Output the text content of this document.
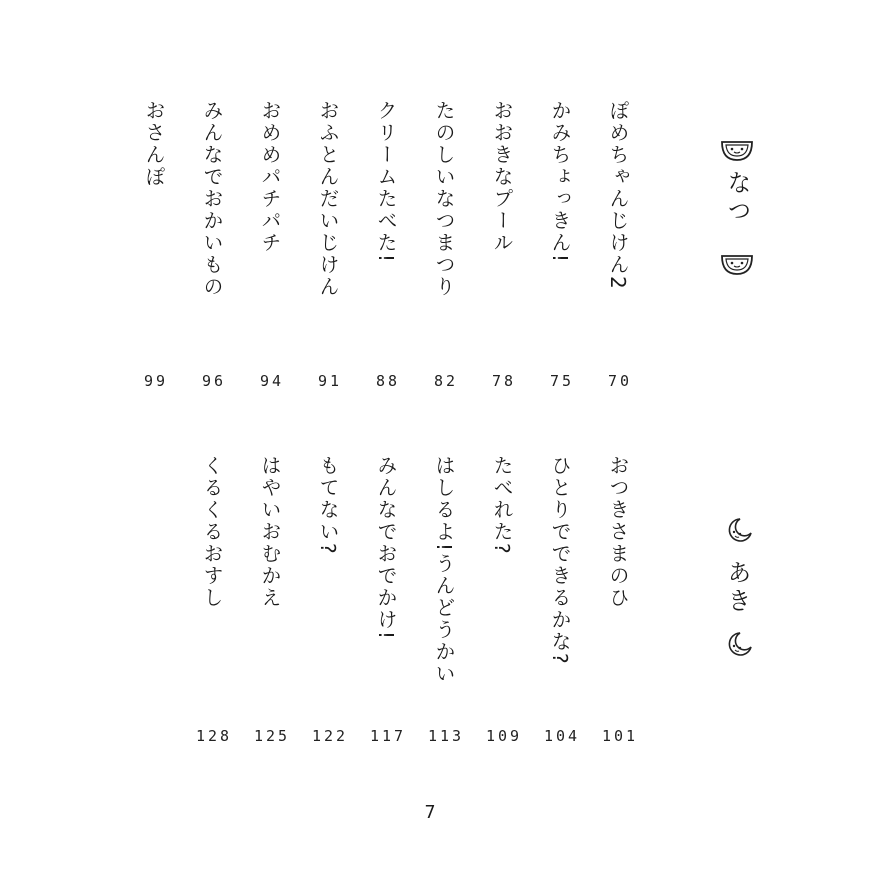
なつ
ぽめちゃんじけん2
70
かみちょっきん!
75
おおきなプール
78
たのしいなつまつり
82
クリームたべた!
88
おふとんだいじけん
91
おめめパチパチ
94
みんなでおかいもの
96
おさんぽ
99
あき
おつきさまのひ
101
ひとりでできるかな?
104
たべれた?
109
はしるよ!うんどうかい
113
みんなでおでかけ!
117
もてない?
122
はやいおむかえ
125
くるくるおすし
128
7
